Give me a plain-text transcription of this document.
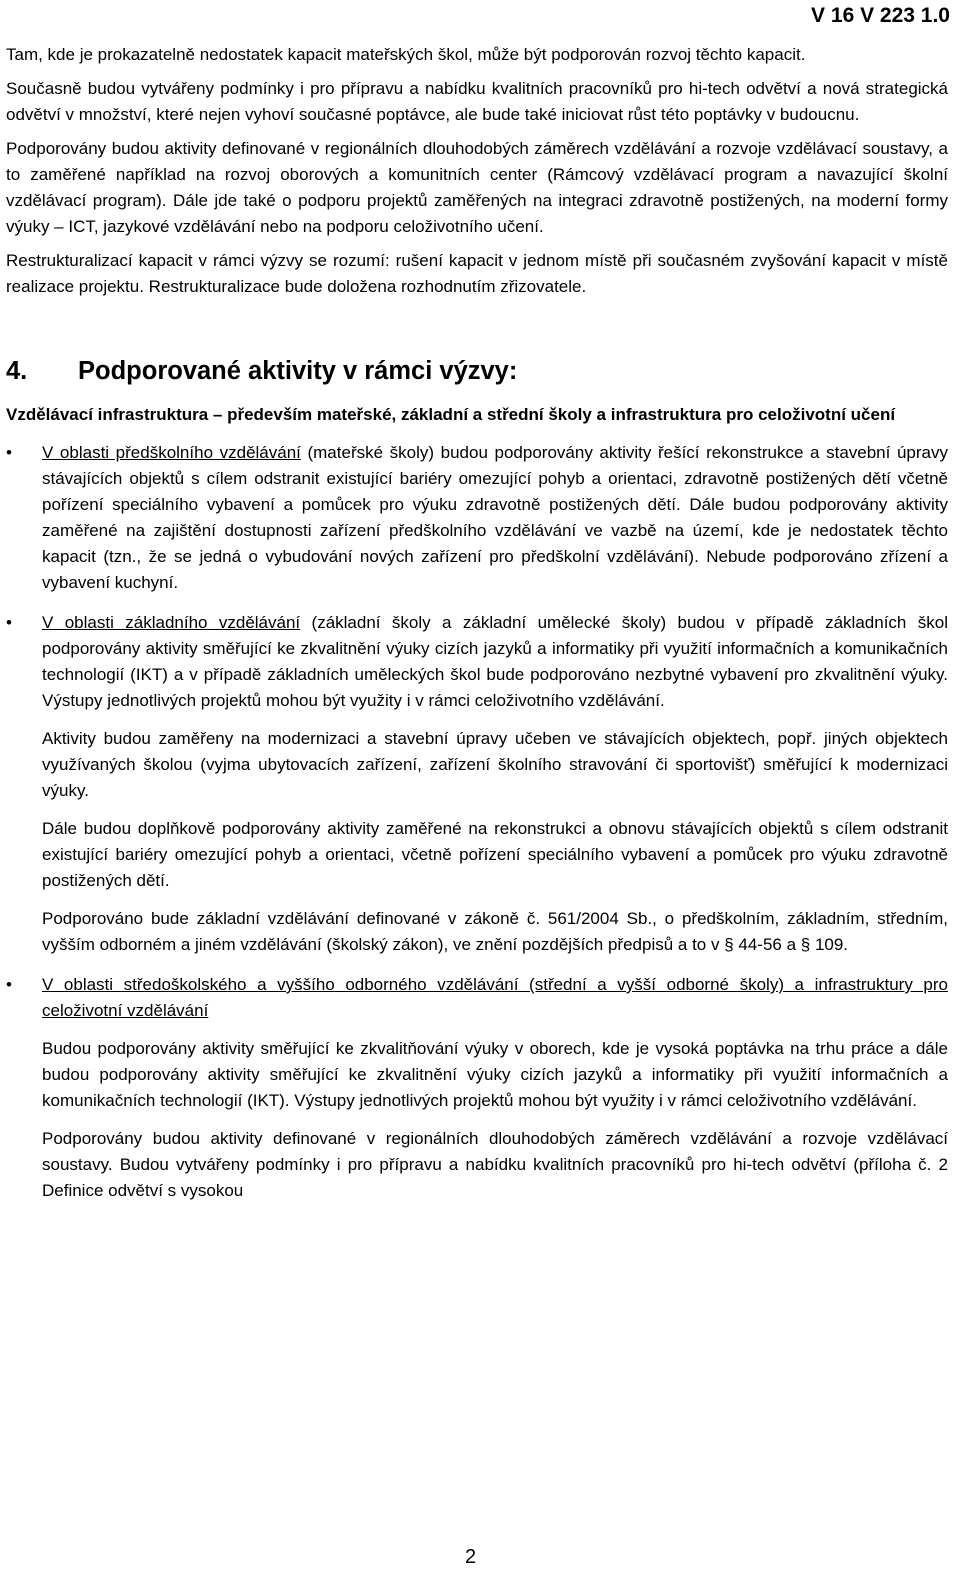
V 16 V 223 1.0

Tam, kde je prokazatelně nedostatek kapacit mateřských škol, může být podporován rozvoj těchto kapacit.

Současně budou vytvářeny podmínky i pro přípravu a nabídku kvalitních pracovníků pro hi-tech odvětví a nová strategická odvětví v množství, které nejen vyhoví současné poptávce, ale bude také iniciovat růst této poptávky v budoucnu.

Podporovány budou aktivity definované v regionálních dlouhodobých záměrech vzdělávání a rozvoje vzdělávací soustavy, a to zaměřené například na rozvoj oborových a komunitních center (Rámcový vzdělávací program a navazující školní vzdělávací program). Dále jde také o podporu projektů zaměřených na integraci zdravotně postižených, na moderní formy výuky – ICT, jazykové vzdělávání nebo na podporu celoživotního učení.

Restrukturalizací kapacit v rámci výzvy se rozumí: rušení kapacit v jednom místě při současném zvyšování kapacit v místě realizace projektu. Restrukturalizace bude doložena rozhodnutím zřizovatele.

4. Podporované aktivity v rámci výzvy:

Vzdělávací infrastruktura – především mateřské, základní a střední školy a infrastruktura pro celoživotní učení

•	V oblasti předškolního vzdělávání (mateřské školy) budou podporovány aktivity řešící rekonstrukce a stavební úpravy stávajících objektů s cílem odstranit existující bariéry omezující pohyb a orientaci, zdravotně postižených dětí včetně pořízení speciálního vybavení a pomůcek pro výuku zdravotně postižených dětí. Dále budou podporovány aktivity zaměřené na zajištění dostupnosti zařízení předškolního vzdělávání ve vazbě na území, kde je nedostatek těchto kapacit (tzn., že se jedná o vybudování nových zařízení pro předškolní vzdělávání). Nebude podporováno zřízení a vybavení kuchyní.

•	V oblasti základního vzdělávání (základní školy a základní umělecké školy) budou v případě základních škol podporovány aktivity směřující ke zkvalitnění výuky cizích jazyků a informatiky při využití informačních a komunikačních technologií (IKT) a v případě základních uměleckých škol bude podporováno nezbytné vybavení pro zkvalitnění výuky. Výstupy jednotlivých projektů mohou být využity i v rámci celoživotního vzdělávání.

Aktivity budou zaměřeny na modernizaci a stavební úpravy učeben ve stávajících objektech, popř. jiných objektech využívaných školou (vyjma ubytovacích zařízení, zařízení školního stravování či sportovišť) směřující k modernizaci výuky.

Dále budou doplňkově podporovány aktivity zaměřené na rekonstrukci a obnovu stávajících objektů s cílem odstranit existující bariéry omezující pohyb a orientaci, včetně pořízení speciálního vybavení a pomůcek pro výuku zdravotně postižených dětí.

Podporováno bude základní vzdělávání definované v zákoně č. 561/2004 Sb., o předškolním, základním, středním, vyšším odborném a jiném vzdělávání (školský zákon), ve znění pozdějších předpisů a to v § 44-56 a § 109.

•	V oblasti středoškolského a vyššího odborného vzdělávání (střední a vyšší odborné školy) a infrastruktury pro celoživotní vzdělávání

Budou podporovány aktivity směřující ke zkvalitňování výuky v oborech, kde je vysoká poptávka na trhu práce a dále budou podporovány aktivity směřující ke zkvalitnění výuky cizích jazyků a informatiky při využití informačních a komunikačních technologií (IKT). Výstupy jednotlivých projektů mohou být využity i v rámci celoživotního vzdělávání.

Podporovány budou aktivity definované v regionálních dlouhodobých záměrech vzdělávání a rozvoje vzdělávací soustavy. Budou vytvářeny podmínky i pro přípravu a nabídku kvalitních pracovníků pro hi-tech odvětví (příloha č. 2 Definice odvětví s vysokou

2
